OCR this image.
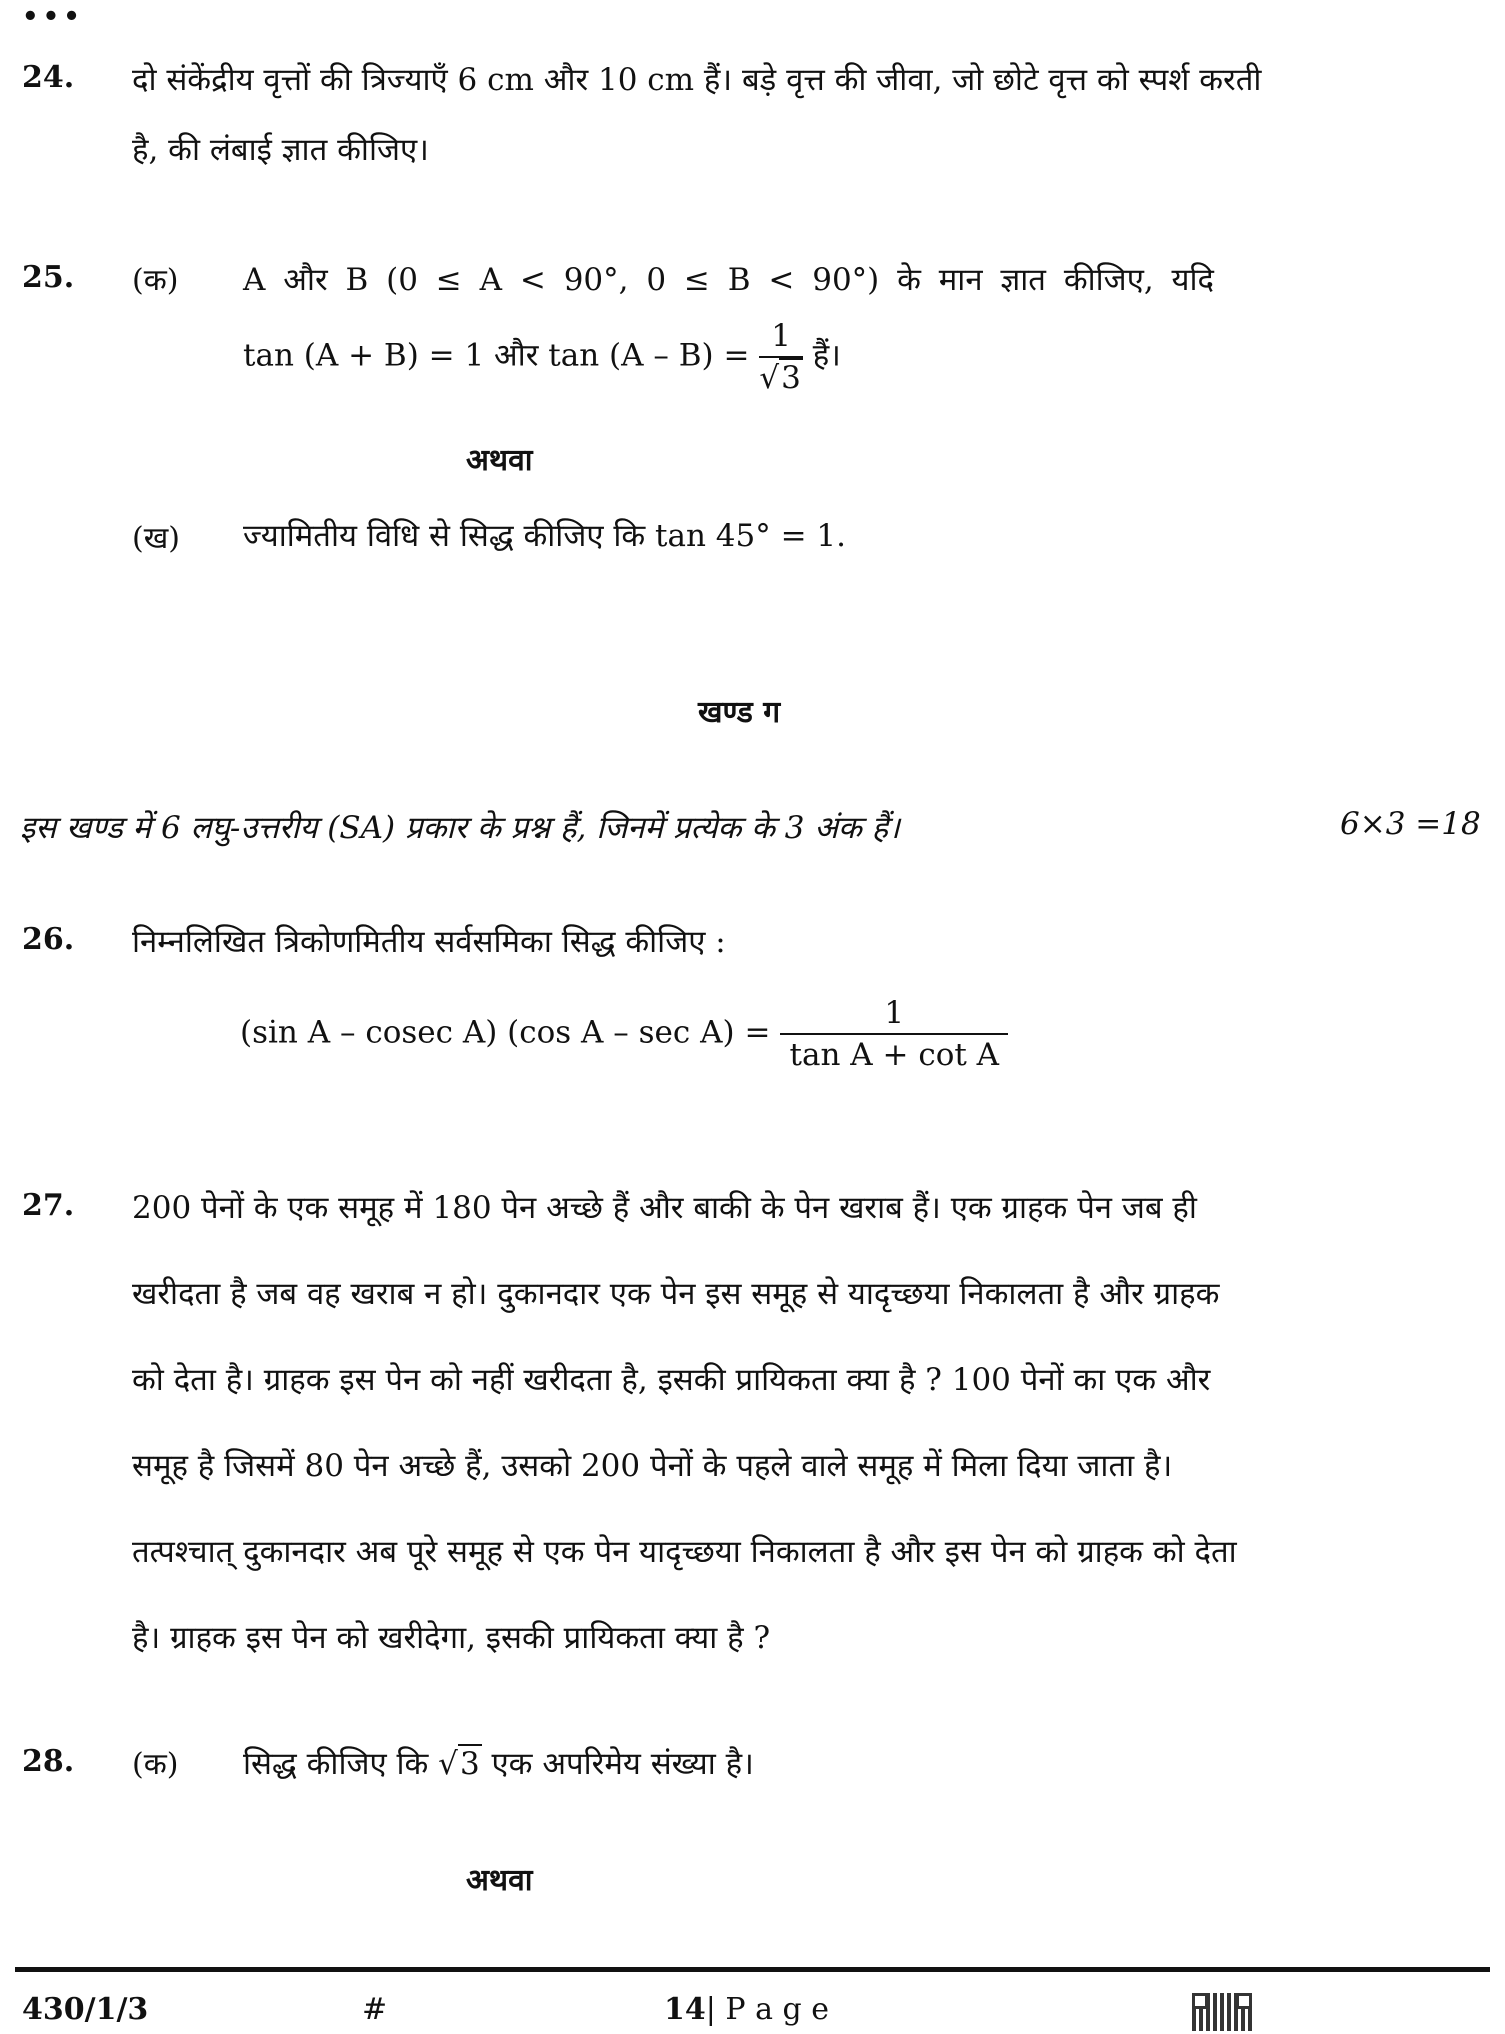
•••
24. दो संकेंद्रीय वृत्तों की त्रिज्याएँ 6 cm और 10 cm हैं। बड़े वृत्त की जीवा, जो छोटे वृत्त को स्पर्श करती
है, की लंबाई ज्ञात कीजिए।
25. (क) A और B (0 ≤ A < 90°, 0 ≤ B < 90°) के मान ज्ञात कीजिए, यदि
tan (A + B) = 1 और $\tan (A - B) = \frac{1}{√3}$ हैं।
अथवा
(ख) ज्यामितीय विधि से सिद्ध कीजिए कि tan 45° = 1.
खण्ड ग
इस खण्ड में 6 लघु-उत्तरीय (SA) प्रकार के प्रश्न हैं, जिनमें प्रत्येक के 3 अंक हैं।	6×3 =18
26. निम्नलिखित त्रिकोणमितीय सर्वसमिका सिद्ध कीजिए :
(sin A – cosec A) (cos $A - \sec A) = \frac{1}{\text{tan A + cot A}}$
27. 200 पेनों के एक समूह में 180 पेन अच्छे हैं और बाकी के पेन खराब हैं। एक ग्राहक पेन जब ही
खरीदता है जब वह खराब न हो। दुकानदार एक पेन इस समूह से यादृच्छया निकालता है और ग्राहक
को देता है। ग्राहक इस पेन को नहीं खरीदता है, इसकी प्रायिकता क्या है ? 100 पेनों का एक और
समूह है जिसमें 80 पेन अच्छे हैं, उसको 200 पेनों के पहले वाले समूह में मिला दिया जाता है।
तत्पश्चात् दुकानदार अब पूरे समूह से एक पेन यादृच्छया निकालता है और इस पेन को ग्राहक को देता
है। ग्राहक इस पेन को खरीदेगा, इसकी प्रायिकता क्या है ?
28. (क) सिद्ध कीजिए कि √3 एक अपरिमेय संख्या है।
अथवा
430/1/3	#	14| P a g e
